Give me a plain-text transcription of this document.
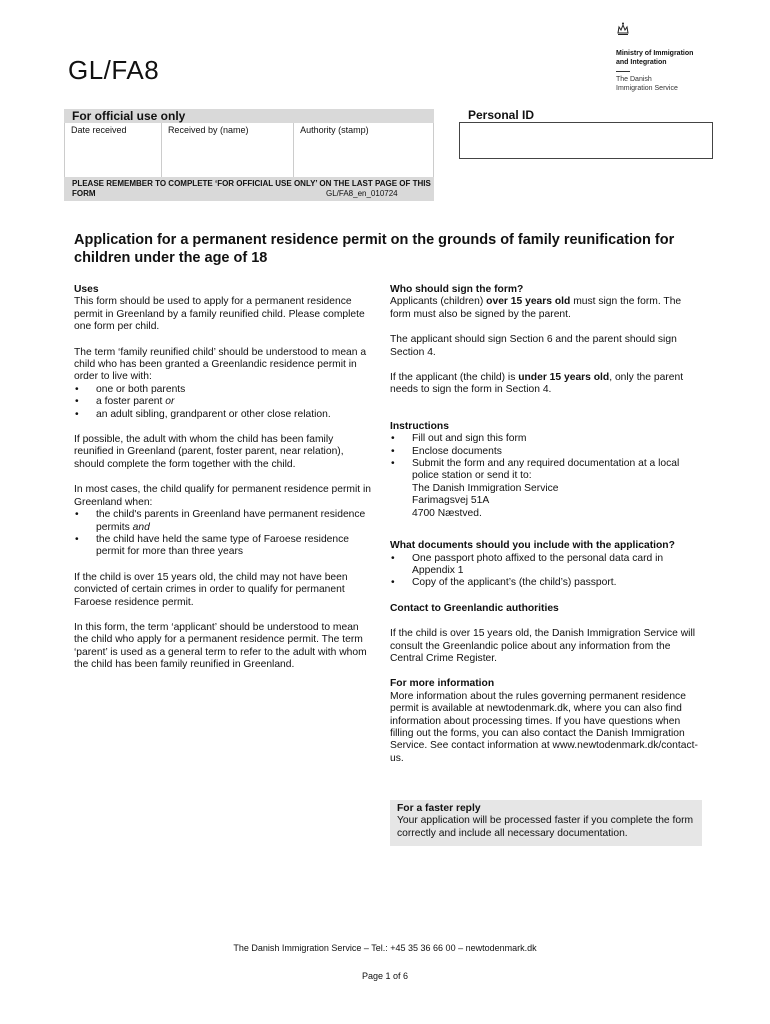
GL/FA8
Ministry of Immigration
and Integration
The Danish
Immigration Service
For official use only
Date received	Received by (name)	Authority (stamp)
PLEASE REMEMBER TO COMPLETE ‘FOR OFFICIAL USE ONLY’ ON THE LAST PAGE OF THIS FORM	GL/FA8_en_010724
Personal ID
Application for a permanent residence permit on the grounds of family reunification for children under the age of 18

Uses

This form should be used to apply for a permanent residence permit in Greenland by a family reunified child. Please complete one form per child.

The term ‘family reunified child’ should be understood to mean a child who has been granted a Greenlandic residence permit in order to live with:

• one or both parents
• a foster parent or
• an adult sibling, grandparent or other close relation.

If possible, the adult with whom the child has been family reunified in Greenland (parent, foster parent, near relation), should complete the form together with the child.

In most cases, the child qualify for permanent residence permit in Greenland when:

• the child's parents in Greenland have permanent residence permits and
• the child have held the same type of Faroese residence permit for more than three years

If the child is over 15 years old, the child may not have been convicted of certain crimes in order to qualify for permanent Faroese residence permit.

In this form, the term ‘applicant’ should be understood to mean the child who apply for a permanent residence permit. The term ‘parent’ is used as a general term to refer to the adult with whom the child has been family reunified in Greenland.

Who should sign the form?

Applicants (children) over 15 years old must sign the form. The form must also be signed by the parent.

The applicant should sign Section 6 and the parent should sign Section 4.

If the applicant (the child) is under 15 years old, only the parent needs to sign the form in Section 4.

Instructions

• Fill out and sign this form
• Enclose documents
• Submit the form and any required documentation at a local police station or send it to:
The Danish Immigration Service
Farimagsvej 51A
4700 Næstved.

What documents should you include with the application?

• One passport photo affixed to the personal data card in Appendix 1
• Copy of the applicant’s (the child’s) passport.

Contact to Greenlandic authorities

If the child is over 15 years old, the Danish Immigration Service will consult the Greenlandic police about any information from the Central Crime Register.

For more information

More information about the rules governing permanent residence permit is available at newtodenmark.dk, where you can also find information about processing times. If you have questions when filling out the forms, you can also contact the Danish Immigration Service. See contact information at www.newtodenmark.dk/contact-us.

For a faster reply
Your application will be processed faster if you complete the form correctly and include all necessary documentation.
The Danish Immigration Service – Tel.: +45 35 36 66 00 – newtodenmark.dk
Page 1 of 6
